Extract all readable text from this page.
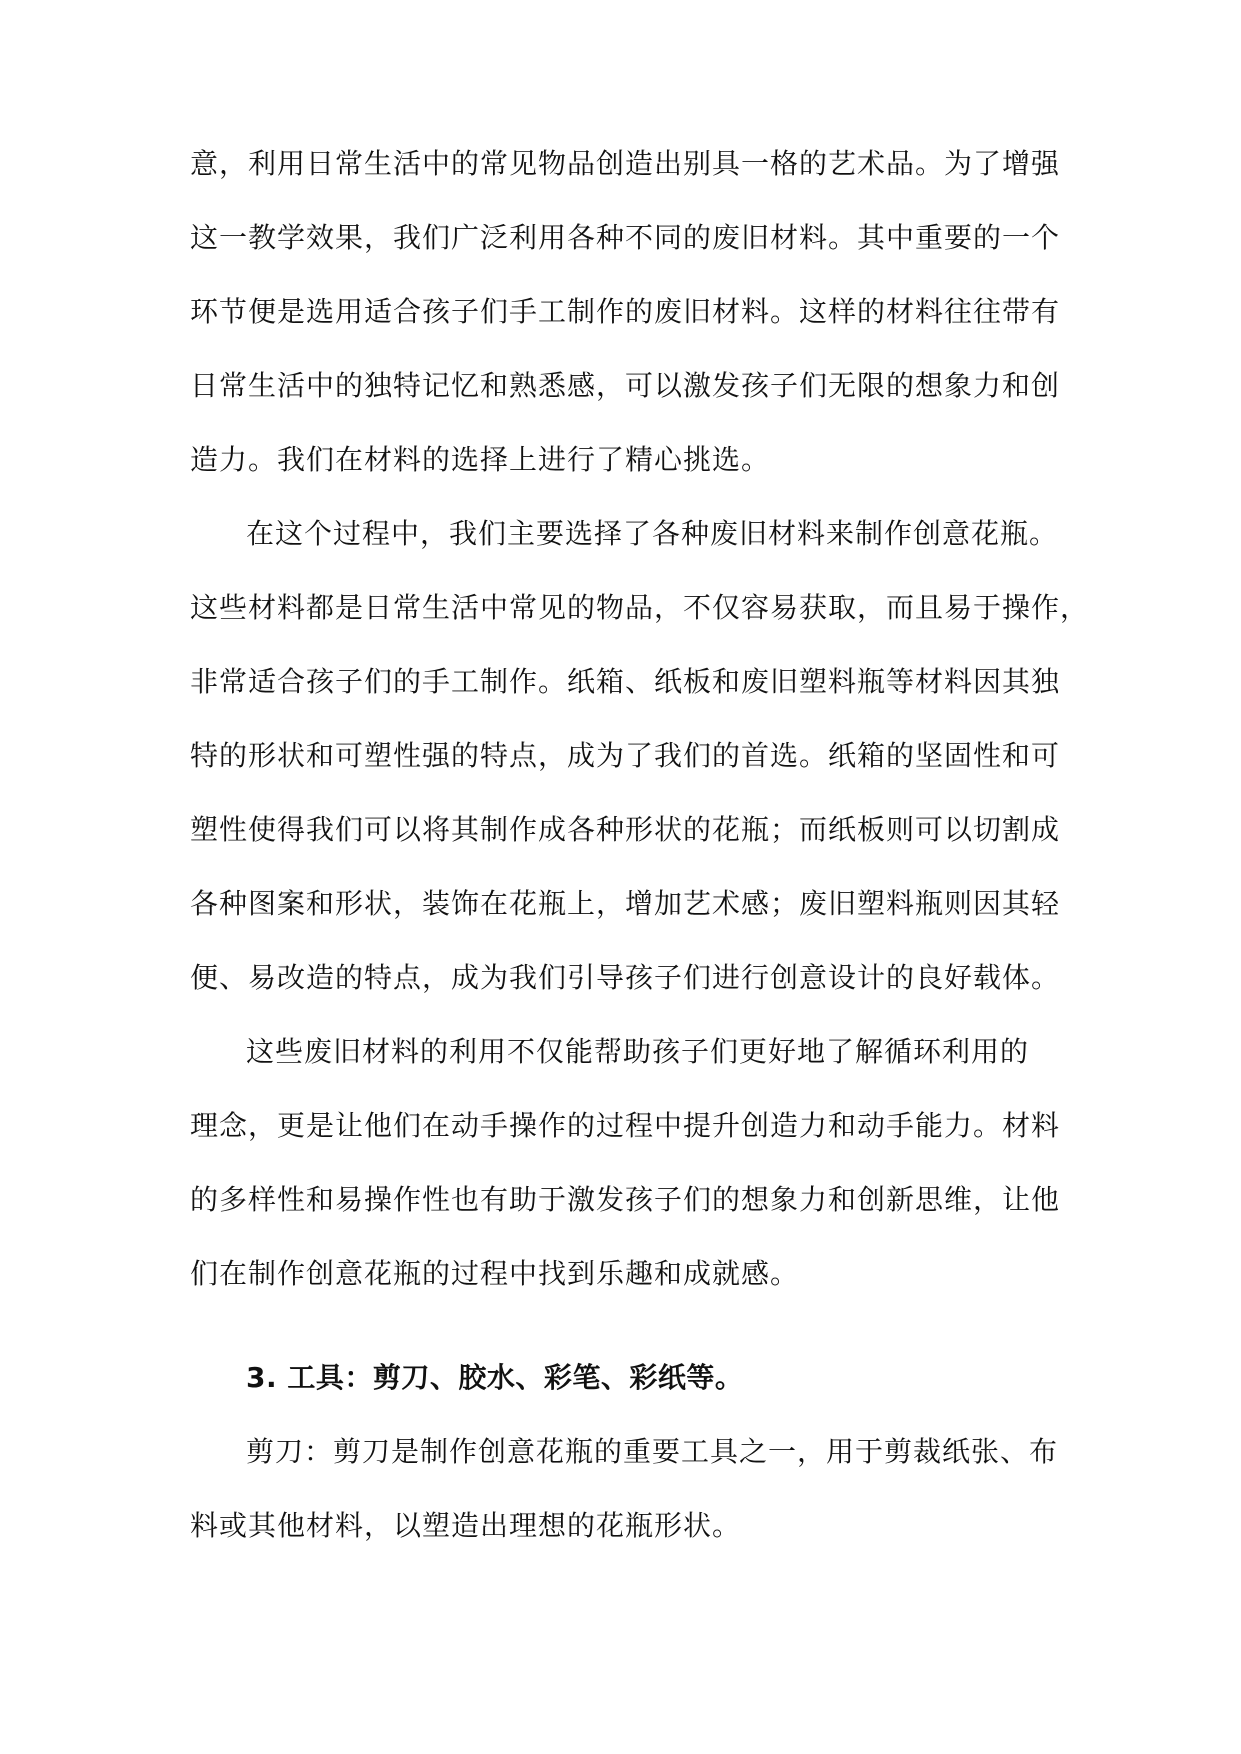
意，利用日常生活中的常见物品创造出别具一格的艺术品。为了增强
这一教学效果，我们广泛利用各种不同的废旧材料。其中重要的一个
环节便是选用适合孩子们手工制作的废旧材料。这样的材料往往带有
日常生活中的独特记忆和熟悉感，可以激发孩子们无限的想象力和创
造力。我们在材料的选择上进行了精心挑选。
在这个过程中，我们主要选择了各种废旧材料来制作创意花瓶。
这些材料都是日常生活中常见的物品，不仅容易获取，而且易于操作，
非常适合孩子们的手工制作。纸箱、纸板和废旧塑料瓶等材料因其独
特的形状和可塑性强的特点，成为了我们的首选。纸箱的坚固性和可
塑性使得我们可以将其制作成各种形状的花瓶；而纸板则可以切割成
各种图案和形状，装饰在花瓶上，增加艺术感；废旧塑料瓶则因其轻
便、易改造的特点，成为我们引导孩子们进行创意设计的良好载体。
这些废旧材料的利用不仅能帮助孩子们更好地了解循环利用的
理念，更是让他们在动手操作的过程中提升创造力和动手能力。材料
的多样性和易操作性也有助于激发孩子们的想象力和创新思维，让他
们在制作创意花瓶的过程中找到乐趣和成就感。
3. 工具：剪刀、胶水、彩笔、彩纸等。
剪刀：剪刀是制作创意花瓶的重要工具之一，用于剪裁纸张、布
料或其他材料，以塑造出理想的花瓶形状。
